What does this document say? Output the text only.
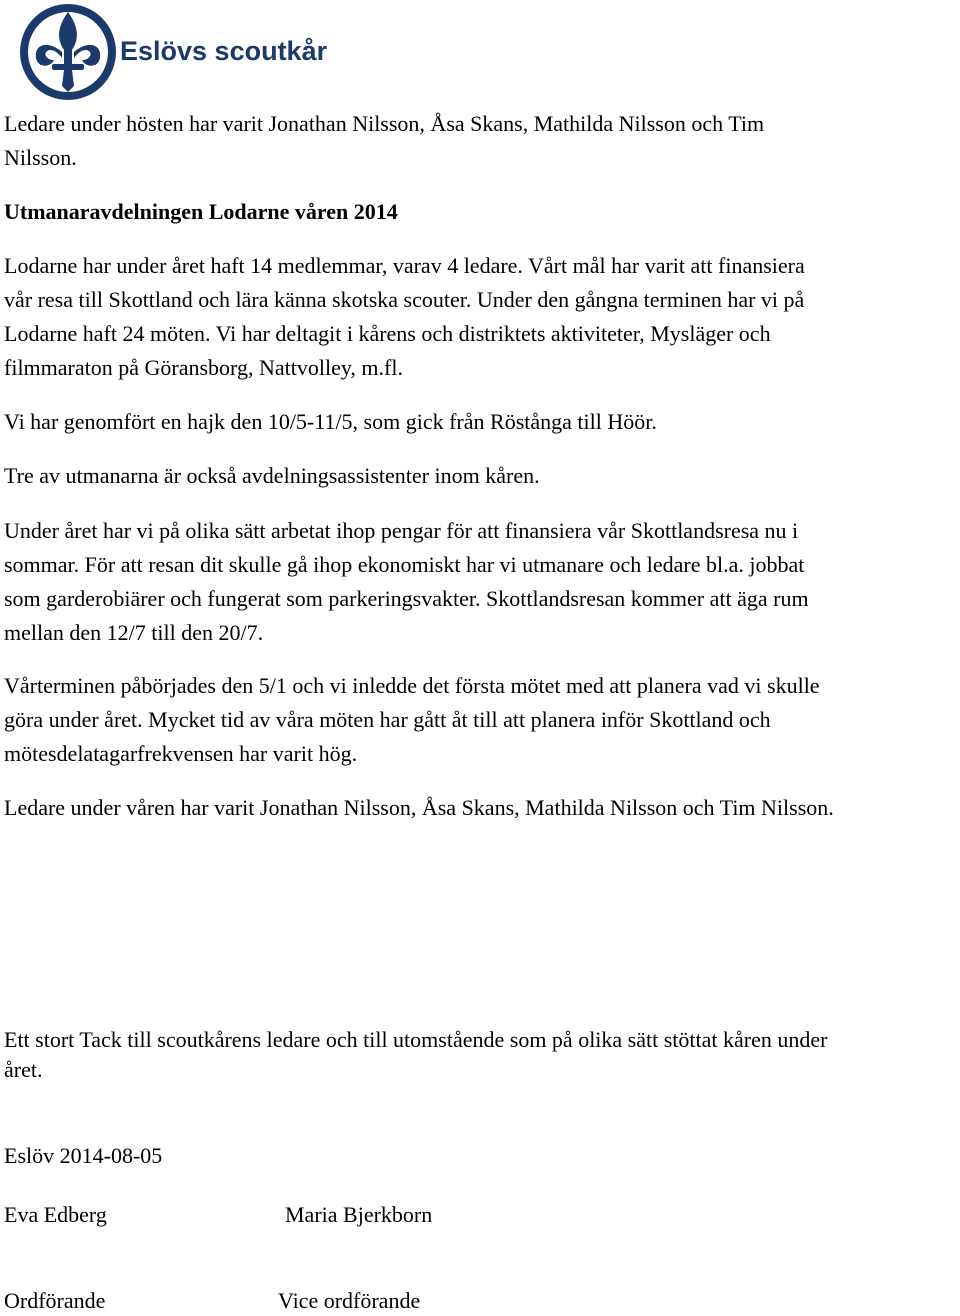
Eslövs scoutkår
Ledare under hösten har varit Jonathan Nilsson, Åsa Skans, Mathilda Nilsson och Tim
Nilsson.
Utmanaravdelningen Lodarne våren 2014
Lodarne har under året haft 14 medlemmar, varav 4 ledare. Vårt mål har varit att finansiera
vår resa till Skottland och lära känna skotska scouter. Under den gångna terminen har vi på
Lodarne haft 24 möten. Vi har deltagit i kårens och distriktets aktiviteter, Mysläger och
filmmaraton på Göransborg, Nattvolley, m.fl.
Vi har genomfört en hajk den 10/5-11/5, som gick från Röstånga till Höör.
Tre av utmanarna är också avdelningsassistenter inom kåren.
Under året har vi på olika sätt arbetat ihop pengar för att finansiera vår Skottlandsresa nu i
sommar. För att resan dit skulle gå ihop ekonomiskt har vi utmanare och ledare bl.a. jobbat
som garderobiärer och fungerat som parkeringsvakter. Skottlandsresan kommer att äga rum
mellan den 12/7 till den 20/7.
Vårterminen påbörjades den 5/1 och vi inledde det första mötet med att planera vad vi skulle
göra under året. Mycket tid av våra möten har gått åt till att planera inför Skottland och
mötesdelatagarfrekvensen har varit hög.
Ledare under våren har varit Jonathan Nilsson, Åsa Skans, Mathilda Nilsson och Tim Nilsson.
Ett stort Tack till scoutkårens ledare och till utomstående som på olika sätt stöttat kåren under
året.
Eslöv 2014-08-05
Eva Edberg	Maria Bjerkborn
Ordförande	Vice ordförande
